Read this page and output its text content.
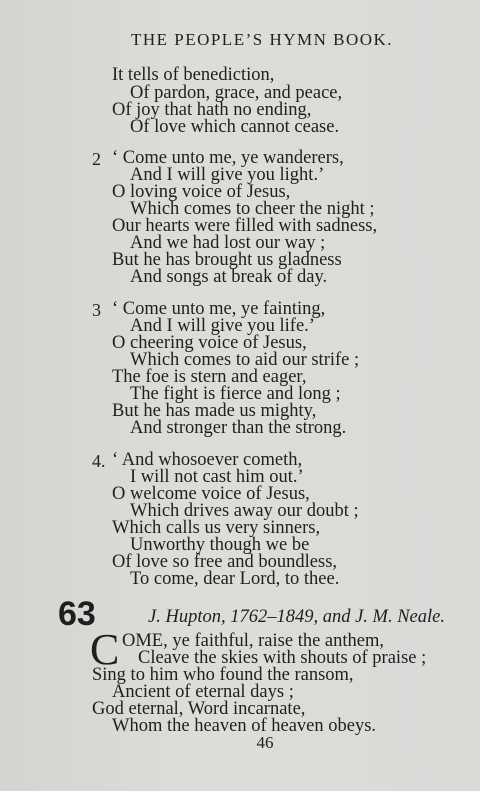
THE PEOPLE’S HYMN BOOK.
It tells of benediction,
Of pardon, grace, and peace,
Of joy that hath no ending,
Of love which cannot cease.
2 ‘ Come unto me, ye wanderers,
And I will give you light.’
O loving voice of Jesus,
Which comes to cheer the night ;
Our hearts were filled with sadness,
And we had lost our way ;
But he has brought us gladness
And songs at break of day.
3 ‘ Come unto me, ye fainting,
And I will give you life.’
O cheering voice of Jesus,
Which comes to aid our strife ;
The foe is stern and eager,
The fight is fierce and long ;
But he has made us mighty,
And stronger than the strong.
4. ‘ And whosoever cometh,
I will not cast him out.’
O welcome voice of Jesus,
Which drives away our doubt ;
Which calls us very sinners,
Unworthy though we be
Of love so free and boundless,
To come, dear Lord, to thee.
63	J. Hupton, 1762–1849, and J. M. Neale.
C OME, ye faithful, raise the anthem,
Cleave the skies with shouts of praise ;
Sing to him who found the ransom,
Ancient of eternal days ;
God eternal, Word incarnate,
Whom the heaven of heaven obeys.
46
